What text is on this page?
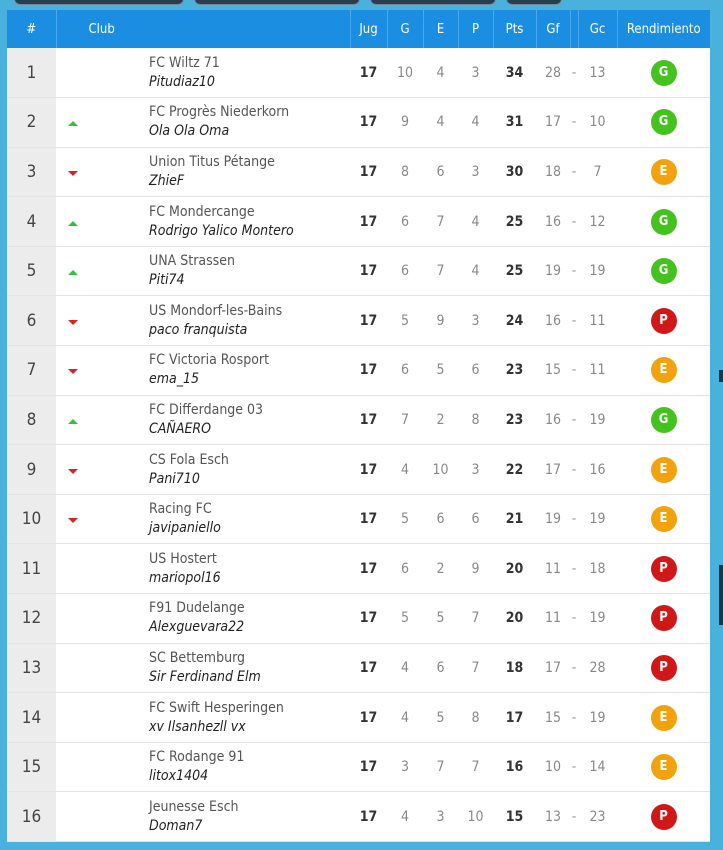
#	Club		Jug	G	E	P	Pts	Gf		Gc	Rendimiento
1		FC Wiltz 71
Pitudiaz10	17	10	4	3	34	28	-	13	G
2		FC Progrès Niederkorn
Ola Ola Oma	17	9	4	4	31	17	-	10	G
3		Union Titus Pétange
ZhieF	17	8	6	3	30	18	-	7	E
4		FC Mondercange
Rodrigo Yalico Montero	17	6	7	4	25	16	-	12	G
5		UNA Strassen
Piti74	17	6	7	4	25	19	-	19	G
6		US Mondorf-les-Bains
paco franquista	17	5	9	3	24	16	-	11	P
7		FC Victoria Rosport
ema_15	17	6	5	6	23	15	-	11	E
8		FC Differdange 03
CAÑAERO	17	7	2	8	23	16	-	19	G
9		CS Fola Esch
Pani710	17	4	10	3	22	17	-	16	E
10		Racing FC
javipaniello	17	5	6	6	21	19	-	19	E
11		US Hostert
mariopol16	17	6	2	9	20	11	-	18	P
12		F91 Dudelange
Alexguevara22	17	5	5	7	20	11	-	19	P
13		SC Bettemburg
Sir Ferdinand Elm	17	4	6	7	18	17	-	28	P
14		FC Swift Hesperingen
xv Ilsanhezll vx	17	4	5	8	17	15	-	19	E
15		FC Rodange 91
litox1404	17	3	7	7	16	10	-	14	E
16		Jeunesse Esch
Doman7	17	4	3	10	15	13	-	23	P
